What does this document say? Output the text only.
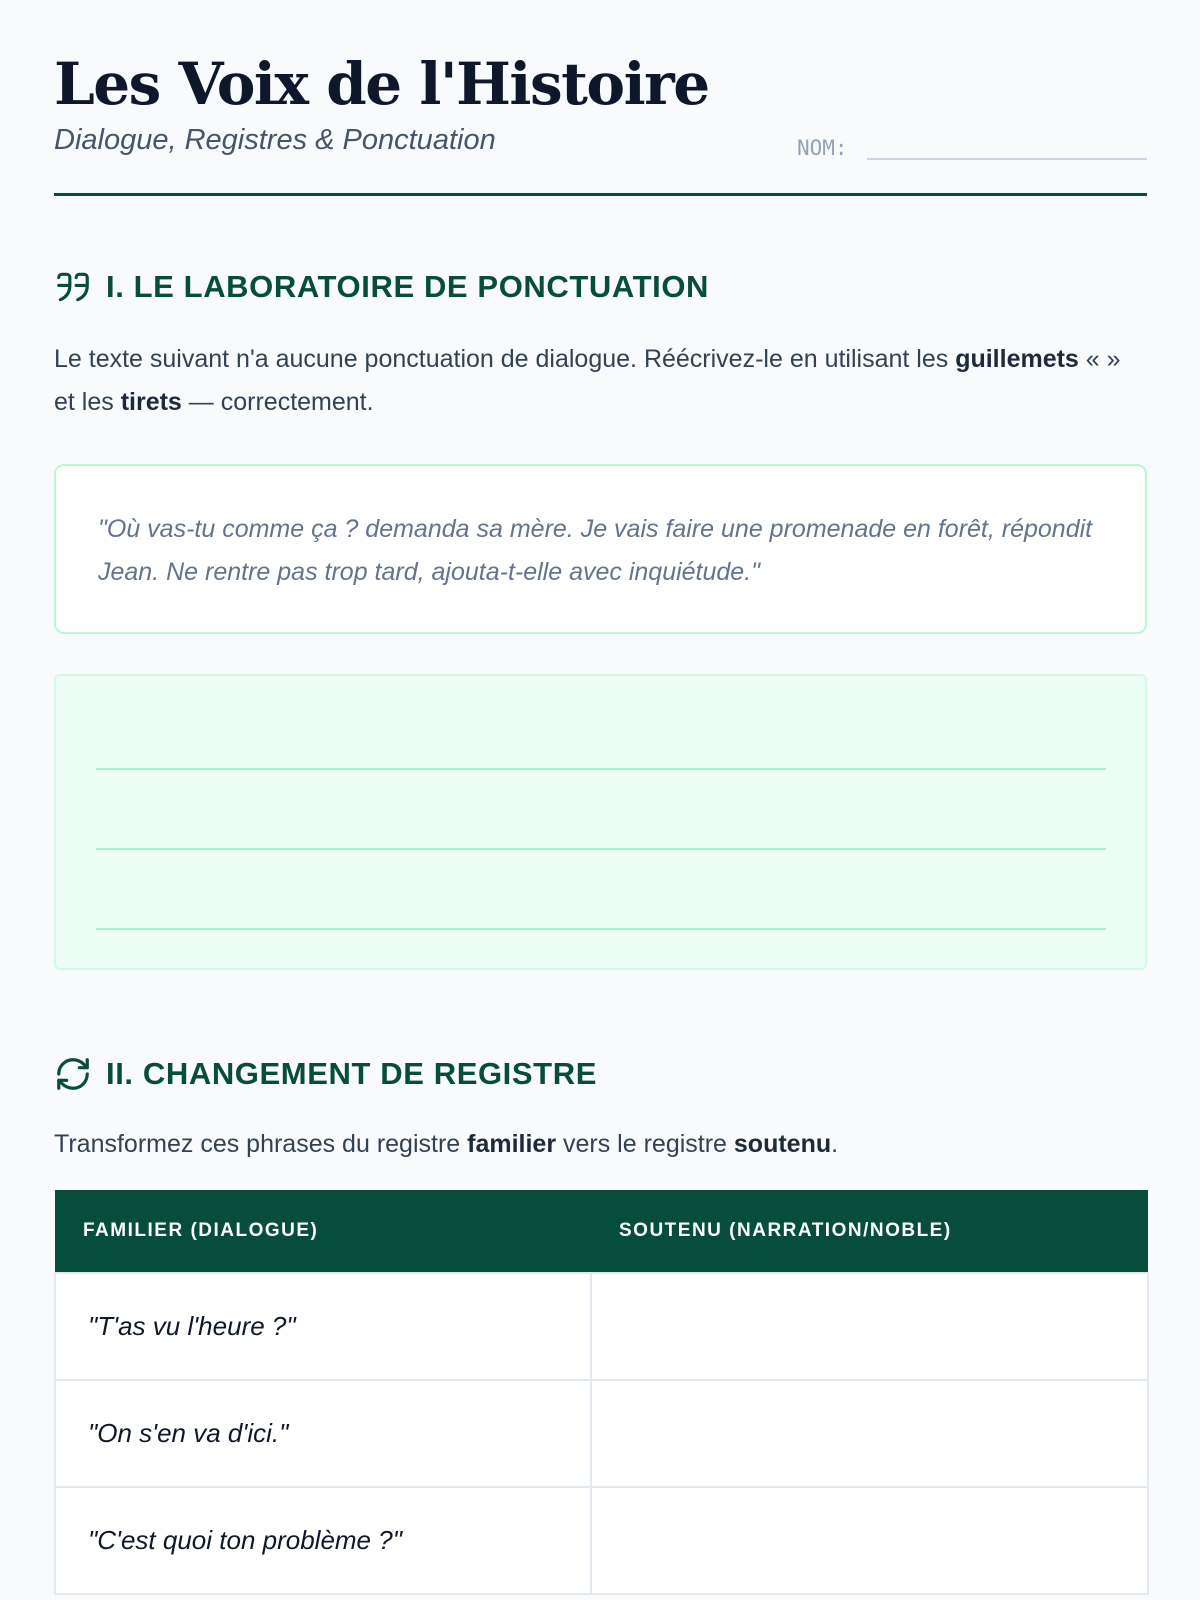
Les Voix de l'Histoire
Dialogue, Registres & Ponctuation	NOM:
I. LE LABORATOIRE DE PONCTUATION

Le texte suivant n'a aucune ponctuation de dialogue. Réécrivez-le en utilisant les guillemets « » et les tirets — correctement.

"Où vas-tu comme ça ? demanda sa mère. Je vais faire une promenade en forêt, répondit Jean. Ne rentre pas trop tard, ajouta-t-elle avec inquiétude."

II. CHANGEMENT DE REGISTRE

Transformez ces phrases du registre familier vers le registre soutenu.

FAMILIER (DIALOGUE)	SOUTENU (NARRATION/NOBLE)
"T'as vu l'heure ?"	
"On s'en va d'ici."	
"C'est quoi ton problème ?"	
